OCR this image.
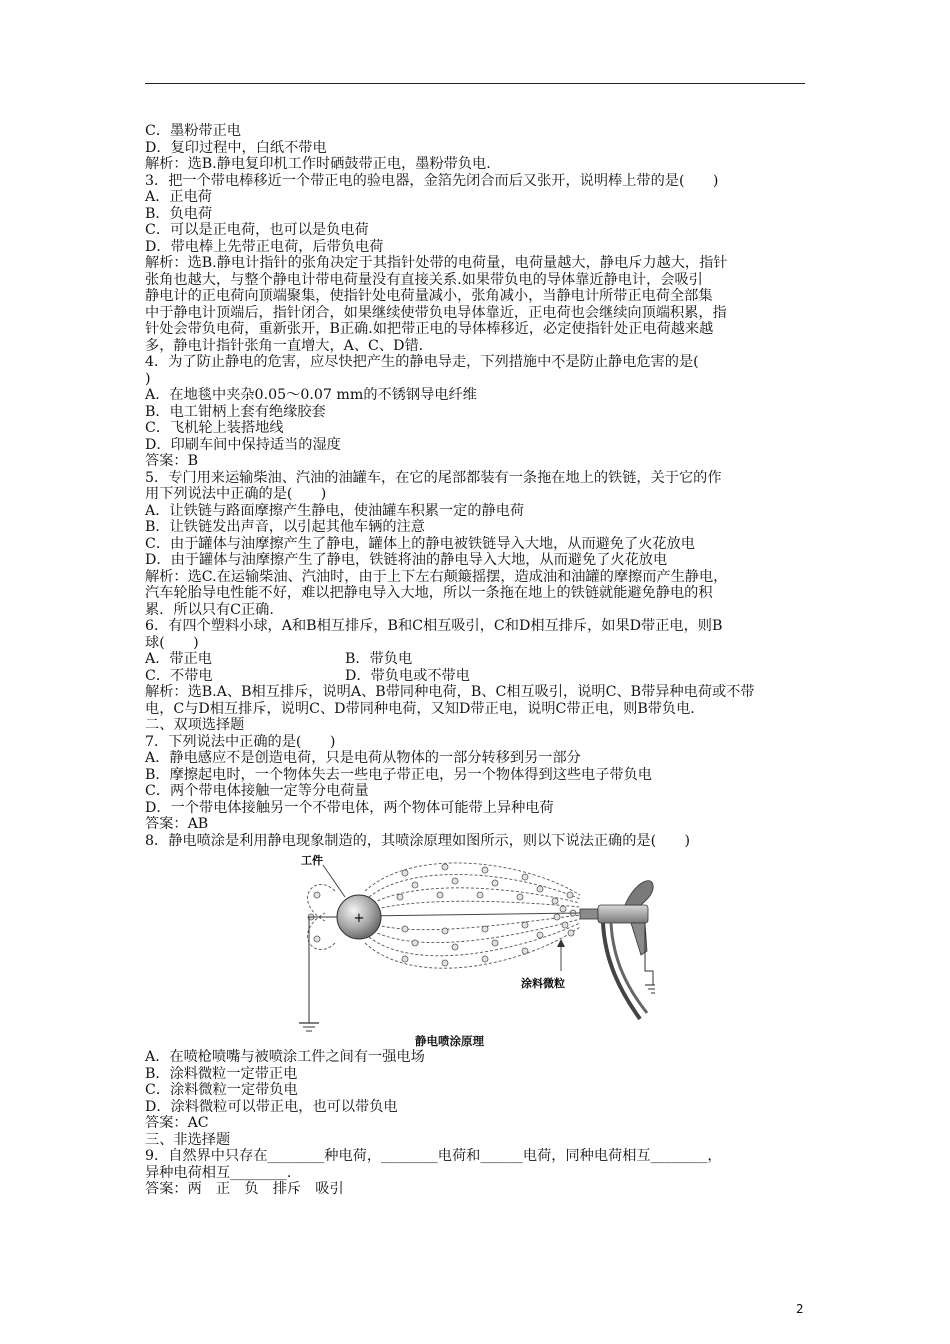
C．墨粉带正电
D．复印过程中，白纸不带电
解析：选B.静电复印机工作时硒鼓带正电，墨粉带负电.
3．把一个带电棒移近一个带正电的验电器，金箔先闭合而后又张开，说明棒上带的是(　　)
A．正电荷
B．负电荷
C．可以是正电荷，也可以是负电荷
D．带电棒上先带正电荷，后带负电荷
解析：选B.静电计指针的张角决定于其指针处带的电荷量，电荷量越大，静电斥力越大，指针
张角也越大，与整个静电计带电荷量没有直接关系.如果带负电的导体靠近静电计，会吸引
静电计的正电荷向顶端聚集，使指针处电荷量减小，张角减小，当静电计所带正电荷全部集
中于静电计顶端后，指针闭合，如果继续使带负电导体靠近，正电荷也会继续向顶端积累，指
针处会带负电荷，重新张开，B正确.如把带正电的导体棒移近，必定使指针处正电荷越来越
多，静电计指针张角一直增大，A、C、D错.
4．为了防止静电的危害，应尽快把产生的静电导走，下列措施中不是防止静电危害的是(
)
A．在地毯中夹杂0.05～0.07 mm的不锈钢导电纤维
B．电工钳柄上套有绝缘胶套
C．飞机轮上装搭地线
D．印刷车间中保持适当的湿度
答案：B
5．专门用来运输柴油、汽油的油罐车，在它的尾部都装有一条拖在地上的铁链，关于它的作
用下列说法中正确的是(　　)
A．让铁链与路面摩擦产生静电，使油罐车积累一定的静电荷
B．让铁链发出声音，以引起其他车辆的注意
C．由于罐体与油摩擦产生了静电，罐体上的静电被铁链导入大地，从而避免了火花放电
D．由于罐体与油摩擦产生了静电，铁链将油的静电导入大地，从而避免了火花放电
解析：选C.在运输柴油、汽油时，由于上下左右颠簸摇摆，造成油和油罐的摩擦而产生静电，
汽车轮胎导电性能不好，难以把静电导入大地，所以一条拖在地上的铁链就能避免静电的积
累．所以只有C正确.
6．有四个塑料小球，A和B相互排斥，B和C相互吸引，C和D相互排斥，如果D带正电，则B
球(　　)
A．带正电	B．带负电
C．不带电	D．带负电或不带电
解析：选B.A、B相互排斥，说明A、B带同种电荷，B、C相互吸引，说明C、B带异种电荷或不带
电，C与D相互排斥，说明C、D带同种电荷，又知D带正电，说明C带正电，则B带负电.
二、双项选择题
7．下列说法中正确的是(　　)
A．静电感应不是创造电荷，只是电荷从物体的一部分转移到另一部分
B．摩擦起电时，一个物体失去一些电子带正电，另一个物体得到这些电子带负电
C．两个带电体接触一定等分电荷量
D．一个带电体接触另一个不带电体，两个物体可能带上异种电荷
答案：AB
8．静电喷涂是利用静电现象制造的，其喷涂原理如图所示，则以下说法正确的是(　　)
+
工件
涂料微粒
静电喷涂原理
A．在喷枪喷嘴与被喷涂工件之间有一强电场
B．涂料微粒一定带正电
C．涂料微粒一定带负电
D．涂料微粒可以带正电，也可以带负电
答案：AC
三、非选择题
9．自然界中只存在________种电荷，________电荷和______电荷，同种电荷相互________，
异种电荷相互________.
答案：两　正　负　排斥　吸引
2
